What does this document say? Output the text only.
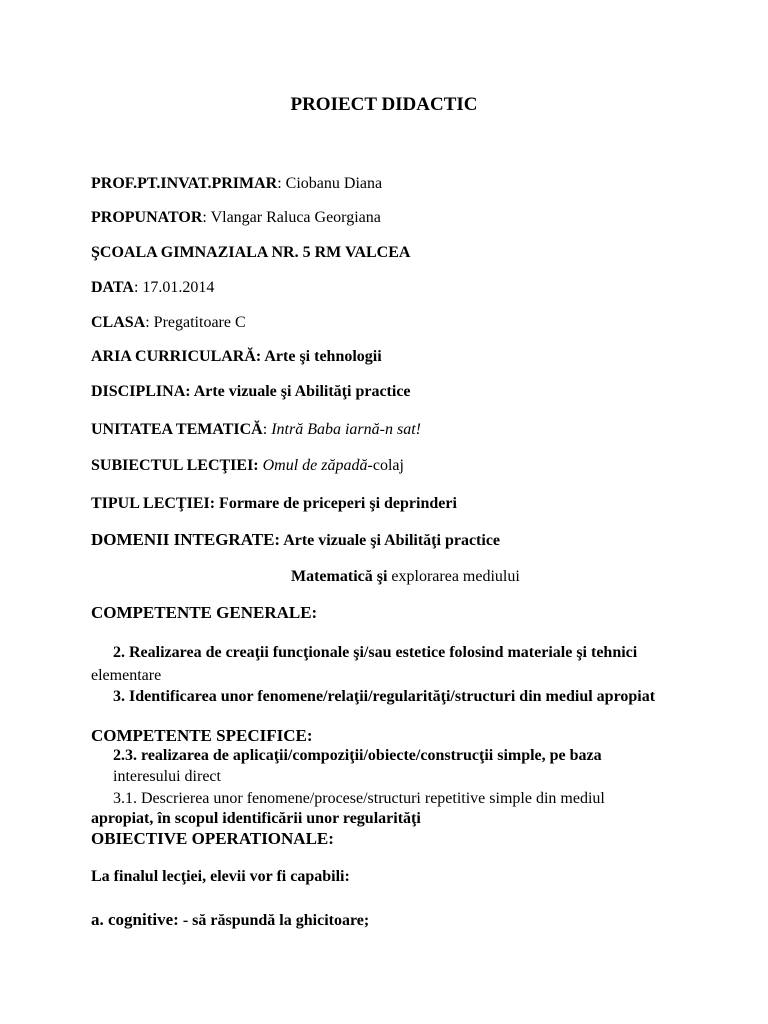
PROIECT DIDACTIC
PROF.PT.INVAT.PRIMAR: Ciobanu Diana
PROPUNATOR: Vlangar Raluca Georgiana
ŞCOALA GIMNAZIALA NR. 5 RM VALCEA
DATA: 17.01.2014
CLASA: Pregatitoare C
ARIA CURRICULARĂ: Arte şi tehnologii
DISCIPLINA: Arte vizuale şi Abilităţi practice
UNITATEA TEMATICĂ: Intră Baba iarnă-n sat!
SUBIECTUL LECŢIEI: Omul de zăpadă-colaj
TIPUL LECŢIEI: Formare de priceperi şi deprinderi
DOMENII INTEGRATE: Arte vizuale şi Abilităţi practice
Matematică şi explorarea mediului
COMPETENTE GENERALE:
2. Realizarea de creaţii funcţionale şi/sau estetice folosind materiale şi tehnici
elementare
3. Identificarea unor fenomene/relaţii/regularităţi/structuri din mediul apropiat
COMPETENTE SPECIFICE:
2.3. realizarea de aplicaţii/compoziţii/obiecte/construcţii simple, pe baza
interesului direct
3.1. Descrierea unor fenomene/procese/structuri repetitive simple din mediul
apropiat, în scopul identificării unor regularităţi
OBIECTIVE OPERATIONALE:
La finalul lecţiei, elevii vor fi capabili:
a. cognitive: - să răspundă la ghicitoare;
